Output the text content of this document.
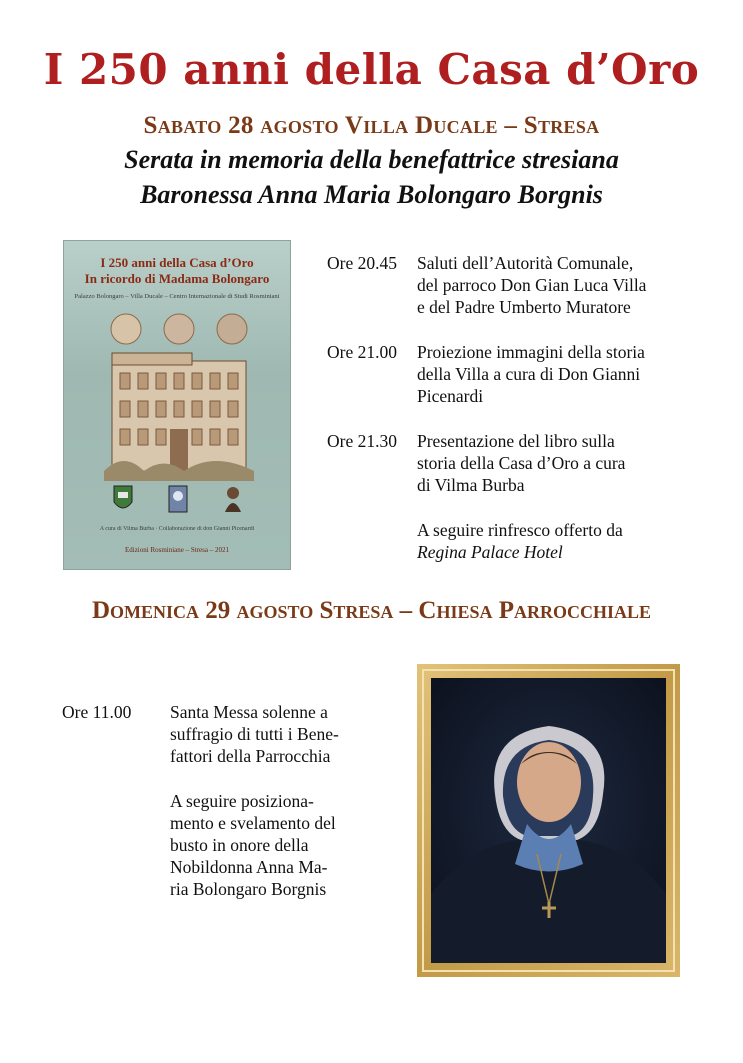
I 250 anni della Casa d’Oro
Sabato 28 agosto Villa Ducale – Stresa
Serata in memoria della benefattrice stresiana
Baronessa Anna Maria Bolongaro Borgnis
I 250 anni della Casa d’Oro
In ricordo di Madama Bolongaro
Palazzo Bolongaro – Villa Ducale – Centro Internazionale di Studi Rosminiani
A cura di Vilma Burba · Collaborazione di don Gianni Picenardi
Edizioni Rosminiane – Stresa – 2021
Ore 20.45	Saluti dell’Autorità Comunale,
del parroco Don Gian Luca Villa
e del Padre Umberto Muratore
Ore 21.00	Proiezione immagini della storia
della Villa a cura di Don Gianni
Picenardi
Ore 21.30	Presentazione del libro sulla
storia della Casa d’Oro a cura
di Vilma Burba
A seguire rinfresco offerto da
Regina Palace Hotel
Domenica 29 agosto Stresa – Chiesa Parrocchiale
Ore 11.00 Santa Messa solenne a
suffragio di tutti i Bene-
fattori della Parrocchia
A seguire posiziona-
mento e svelamento del
busto in onore della
Nobildonna Anna Ma-
ria Bolongaro Borgnis
